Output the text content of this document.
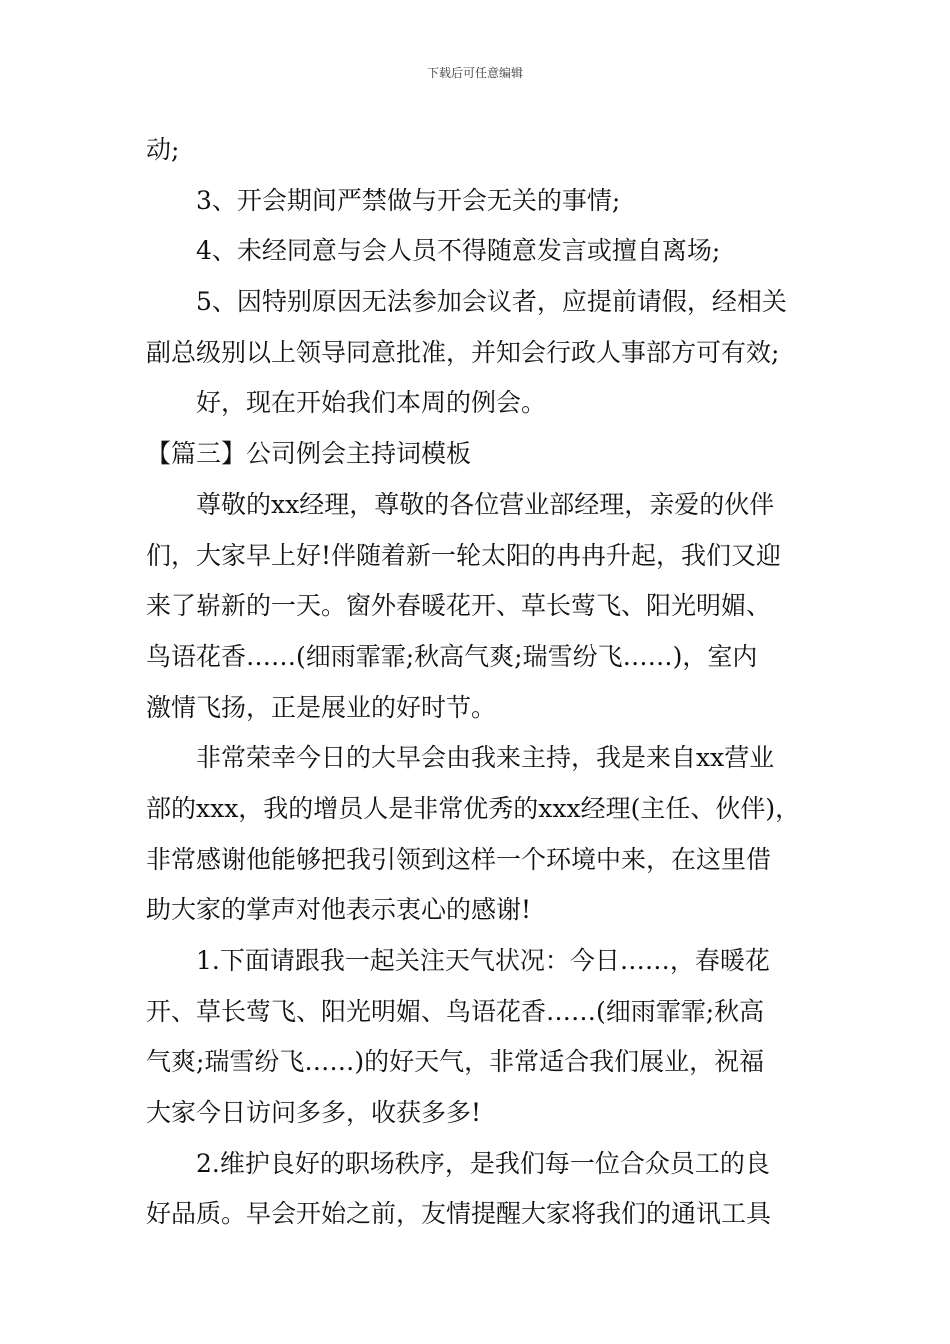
下载后可任意编辑
动;
3、开会期间严禁做与开会无关的事情;
4、未经同意与会人员不得随意发言或擅自离场;
5、因特别原因无法参加会议者，应提前请假，经相关
副总级别以上领导同意批准，并知会行政人事部方可有效;
好，现在开始我们本周的例会。
【篇三】公司例会主持词模板
尊敬的xx经理，尊敬的各位营业部经理，亲爱的伙伴
们，大家早上好!伴随着新一轮太阳的冉冉升起，我们又迎
来了崭新的一天。窗外春暖花开、草长莺飞、阳光明媚、
鸟语花香……(细雨霏霏;秋高气爽;瑞雪纷飞……)，室内
激情飞扬，正是展业的好时节。
非常荣幸今日的大早会由我来主持，我是来自xx营业
部的xxx，我的增员人是非常优秀的xxx经理(主任、伙伴)，
非常感谢他能够把我引领到这样一个环境中来，在这里借
助大家的掌声对他表示衷心的感谢!
1.下面请跟我一起关注天气状况：今日……，春暖花
开、草长莺飞、阳光明媚、鸟语花香……(细雨霏霏;秋高
气爽;瑞雪纷飞……)的好天气，非常适合我们展业，祝福
大家今日访问多多，收获多多!
2.维护良好的职场秩序，是我们每一位合众员工的良
好品质。早会开始之前，友情提醒大家将我们的通讯工具
